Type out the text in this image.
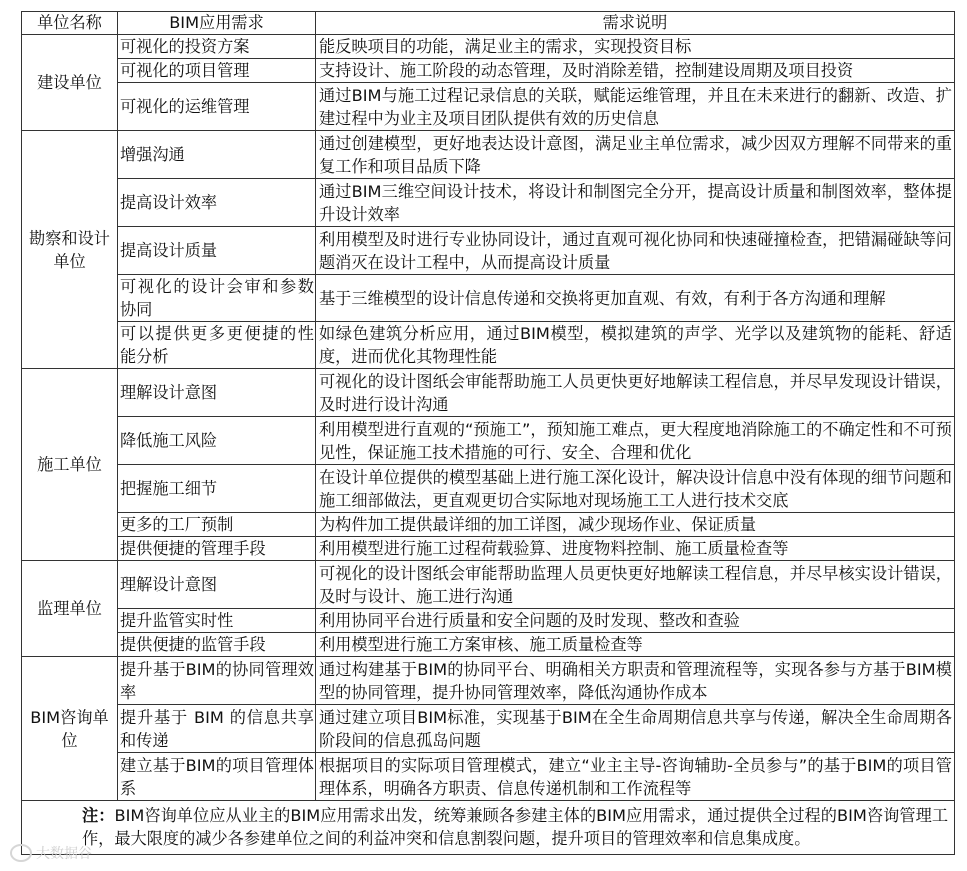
单位名称	BIM应用需求	需求说明
建设单位	可视化的投资方案	能反映项目的功能，满足业主的需求，实现投资目标
	可视化的项目管理	支持设计、施工阶段的动态管理，及时消除差错，控制建设周期及项目投资
	可视化的运维管理	通过BIM与施工过程记录信息的关联，赋能运维管理，并且在未来进行的翻新、改造、扩建过程中为业主及项目团队提供有效的历史信息
勘察和设计单位	增强沟通	通过创建模型，更好地表达设计意图，满足业主单位需求，减少因双方理解不同带来的重复工作和项目品质下降
	提高设计效率	通过BIM三维空间设计技术，将设计和制图完全分开，提高设计质量和制图效率，整体提升设计效率
	提高设计质量	利用模型及时进行专业协同设计，通过直观可视化协同和快速碰撞检查，把错漏碰缺等问题消灭在设计工程中，从而提高设计质量
	可视化的设计会审和参数协同	基于三维模型的设计信息传递和交换将更加直观、有效，有利于各方沟通和理解
	可以提供更多更便捷的性能分析	如绿色建筑分析应用，通过BIM模型，模拟建筑的声学、光学以及建筑物的能耗、舒适度，进而优化其物理性能
施工单位	理解设计意图	可视化的设计图纸会审能帮助施工人员更快更好地解读工程信息，并尽早发现设计错误，及时进行设计沟通
	降低施工风险	利用模型进行直观的“预施工”，预知施工难点，更大程度地消除施工的不确定性和不可预见性，保证施工技术措施的可行、安全、合理和优化
	把握施工细节	在设计单位提供的模型基础上进行施工深化设计，解决设计信息中没有体现的细节问题和施工细部做法，更直观更切合实际地对现场施工工人进行技术交底
	更多的工厂预制	为构件加工提供最详细的加工详图，减少现场作业、保证质量
	提供便捷的管理手段	利用模型进行施工过程荷载验算、进度物料控制、施工质量检查等
监理单位	理解设计意图	可视化的设计图纸会审能帮助监理人员更快更好地解读工程信息，并尽早核实设计错误，及时与设计、施工进行沟通
	提升监管实时性	利用协同平台进行质量和安全问题的及时发现、整改和查验
	提供便捷的监管手段	利用模型进行施工方案审核、施工质量检查等
BIM咨询单位	提升基于BIM的协同管理效率	通过构建基于BIM的协同平台、明确相关方职责和管理流程等，实现各参与方基于BIM模型的协同管理，提升协同管理效率，降低沟通协作成本
	提升基于 BIM 的信息共享和传递	通过建立项目BIM标准，实现基于BIM在全生命周期信息共享与传递，解决全生命周期各阶段间的信息孤岛问题
	建立基于BIM的项目管理体系	根据项目的实际项目管理模式，建立“业主主导-咨询辅助-全员参与”的基于BIM的项目管理体系，明确各方职责、信息传递机制和工作流程等
注：BIM咨询单位应从业主的BIM应用需求出发，统筹兼顾各参建主体的BIM应用需求，通过提供全过程的BIM咨询管理工作，最大限度的减少各参建单位之间的利益冲突和信息割裂问题，提升项目的管理效率和信息集成度。		
大数据谷
